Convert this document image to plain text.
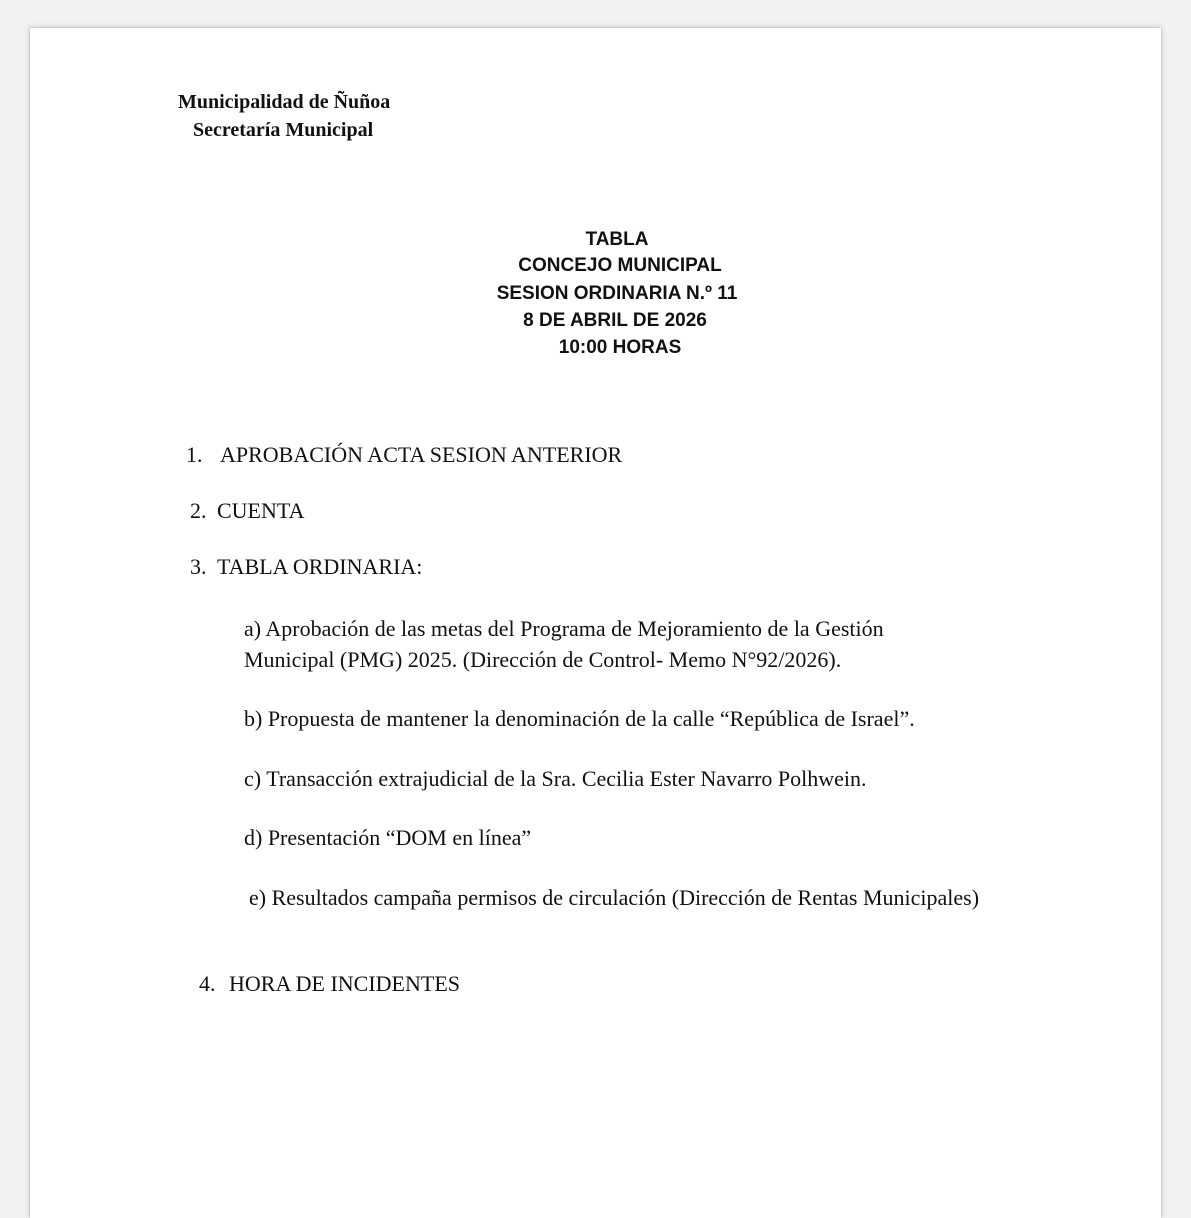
Municipalidad de Ñuñoa
Secretaría Municipal
TABLA
CONCEJO MUNICIPAL
SESION ORDINARIA N.º 11
8 DE ABRIL DE 2026
10:00 HORAS
1. APROBACIÓN ACTA SESION ANTERIOR
2. CUENTA
3. TABLA ORDINARIA:
a) Aprobación de las metas del Programa de Mejoramiento de la Gestión
Municipal (PMG) 2025. (Dirección de Control- Memo N°92/2026).
b) Propuesta de mantener la denominación de la calle “República de Israel”.
c) Transacción extrajudicial de la Sra. Cecilia Ester Navarro Polhwein.
d) Presentación “DOM en línea”
e) Resultados campaña permisos de circulación (Dirección de Rentas Municipales)
4. HORA DE INCIDENTES
